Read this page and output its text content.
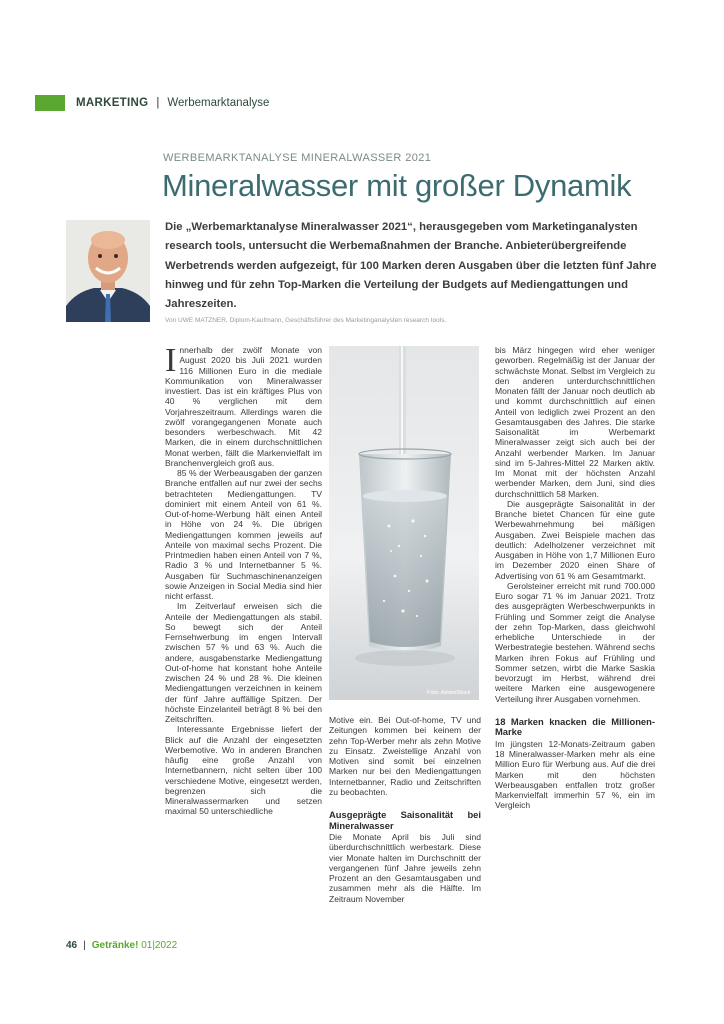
MARKETING | Werbemarktanalyse
WERBEMARKTANALYSE MINERALWASSER 2021
Mineralwasser mit großer Dynamik
Die „Werbemarktanalyse Mineralwasser 2021“, herausgegeben vom Marketinganalysten research tools, untersucht die Werbemaßnahmen der Branche. Anbieterübergreifende Werbetrends werden aufgezeigt, für 100 Marken deren Ausgaben über die letzten fünf Jahre hinweg und für zehn Top-Marken die Verteilung der Budgets auf Mediengattungen und Jahreszeiten.
Von UWE MATZNER, Diplom-Kaufmann, Geschäftsführer des Marketinganalysten research tools.

Innerhalb der zwölf Monate von August 2020 bis Juli 2021 wurden 116 Millionen Euro in die mediale Kommunikation von Mineralwasser investiert. Das ist ein kräftiges Plus von 40 % verglichen mit dem Vorjahreszeitraum. Allerdings waren die zwölf vorangegangenen Monate auch besonders werbeschwach. Mit 42 Marken, die in einem durchschnittlichen Monat werben, fällt die Markenvielfalt im Branchenvergleich groß aus.

85 % der Werbeausgaben der ganzen Branche entfallen auf nur zwei der sechs betrachteten Mediengattungen. TV dominiert mit einem Anteil von 61 %. Out-of-home-Werbung hält einen Anteil in Höhe von 24 %. Die übrigen Mediengattungen kommen jeweils auf Anteile von maximal sechs Prozent. Die Printmedien haben einen Anteil von 7 %, Radio 3 % und Internetbanner 5 %. Ausgaben für Suchmaschinenanzeigen sowie Anzeigen in Social Media sind hier nicht erfasst.

Im Zeitverlauf erweisen sich die Anteile der Mediengattungen als stabil. So bewegt sich der Anteil Fernsehwerbung im engen Intervall zwischen 57 % und 63 %. Auch die andere, ausgabenstarke Mediengattung Out-of-home hat konstant hohe Anteile zwischen 24 % und 28 %. Die kleinen Mediengattungen verzeichnen in keinem der fünf Jahre auffällige Spitzen. Der höchste Einzelanteil beträgt 8 % bei den Zeitschriften.

Interessante Ergebnisse liefert der Blick auf die Anzahl der eingesetzten Werbemotive. Wo in anderen Branchen häufig eine große Anzahl von Internetbannern, nicht selten über 100 verschiedene Motive, eingesetzt werden, begrenzen sich die Mineralwassermarken und setzen maximal 50 unterschiedliche

Foto: AdobeStock

Motive ein. Bei Out-of-home, TV und Zeitungen kommen bei keinem der zehn Top-Werber mehr als zehn Motive zu Einsatz. Zweistellige Anzahl von Motiven sind somit bei einzelnen Marken nur bei den Mediengattungen Internetbanner, Radio und Zeitschriften zu beobachten.

Ausgeprägte Saisonalität bei Mineralwasser

Die Monate April bis Juli sind überdurchschnittlich werbestark. Diese vier Monate halten im Durchschnitt der vergangenen fünf Jahre jeweils zehn Prozent an den Gesamtausgaben und zusammen mehr als die Hälfte. Im Zeitraum November

bis März hingegen wird eher weniger geworben. Regelmäßig ist der Januar der schwächste Monat. Selbst im Vergleich zu den anderen unterdurchschnittlichen Monaten fällt der Januar noch deutlich ab und kommt durchschnittlich auf einen Anteil von lediglich zwei Prozent an den Gesamtausgaben des Jahres. Die starke Saisonalität im Werbemarkt Mineralwasser zeigt sich auch bei der Anzahl werbender Marken. Im Januar sind im 5-Jahres-Mittel 22 Marken aktiv. Im Monat mit der höchsten Anzahl werbender Marken, dem Juni, sind dies durchschnittlich 58 Marken.

Die ausgeprägte Saisonalität in der Branche bietet Chancen für eine gute Werbewahrnehmung bei mäßigen Ausgaben. Zwei Beispiele machen das deutlich: Adelholzener verzeichnet mit Ausgaben in Höhe von 1,7 Millionen Euro im Dezember 2020 einen Share of Advertising von 61 % am Gesamtmarkt.

Gerolsteiner erreicht mit rund 700.000 Euro sogar 71 % im Januar 2021. Trotz des ausgeprägten Werbeschwerpunkts in Frühling und Sommer zeigt die Analyse der zehn Top-Marken, dass gleichwohl erhebliche Unterschiede in der Werbestrategie bestehen. Während sechs Marken ihren Fokus auf Frühling und Sommer setzen, wirbt die Marke Saskia bevorzugt im Herbst, während drei weitere Marken eine ausgewogenere Verteilung ihrer Ausgaben vornehmen.

18 Marken knacken die Millionen-Marke

Im jüngsten 12-Monats-Zeitraum gaben 18 Mineralwasser-Marken mehr als eine Million Euro für Werbung aus. Auf die drei Marken mit den höchsten Werbeausgaben entfallen trotz großer Markenvielfalt immerhin 57 %, ein im Vergleich

46 | Getränke! 01|2022
